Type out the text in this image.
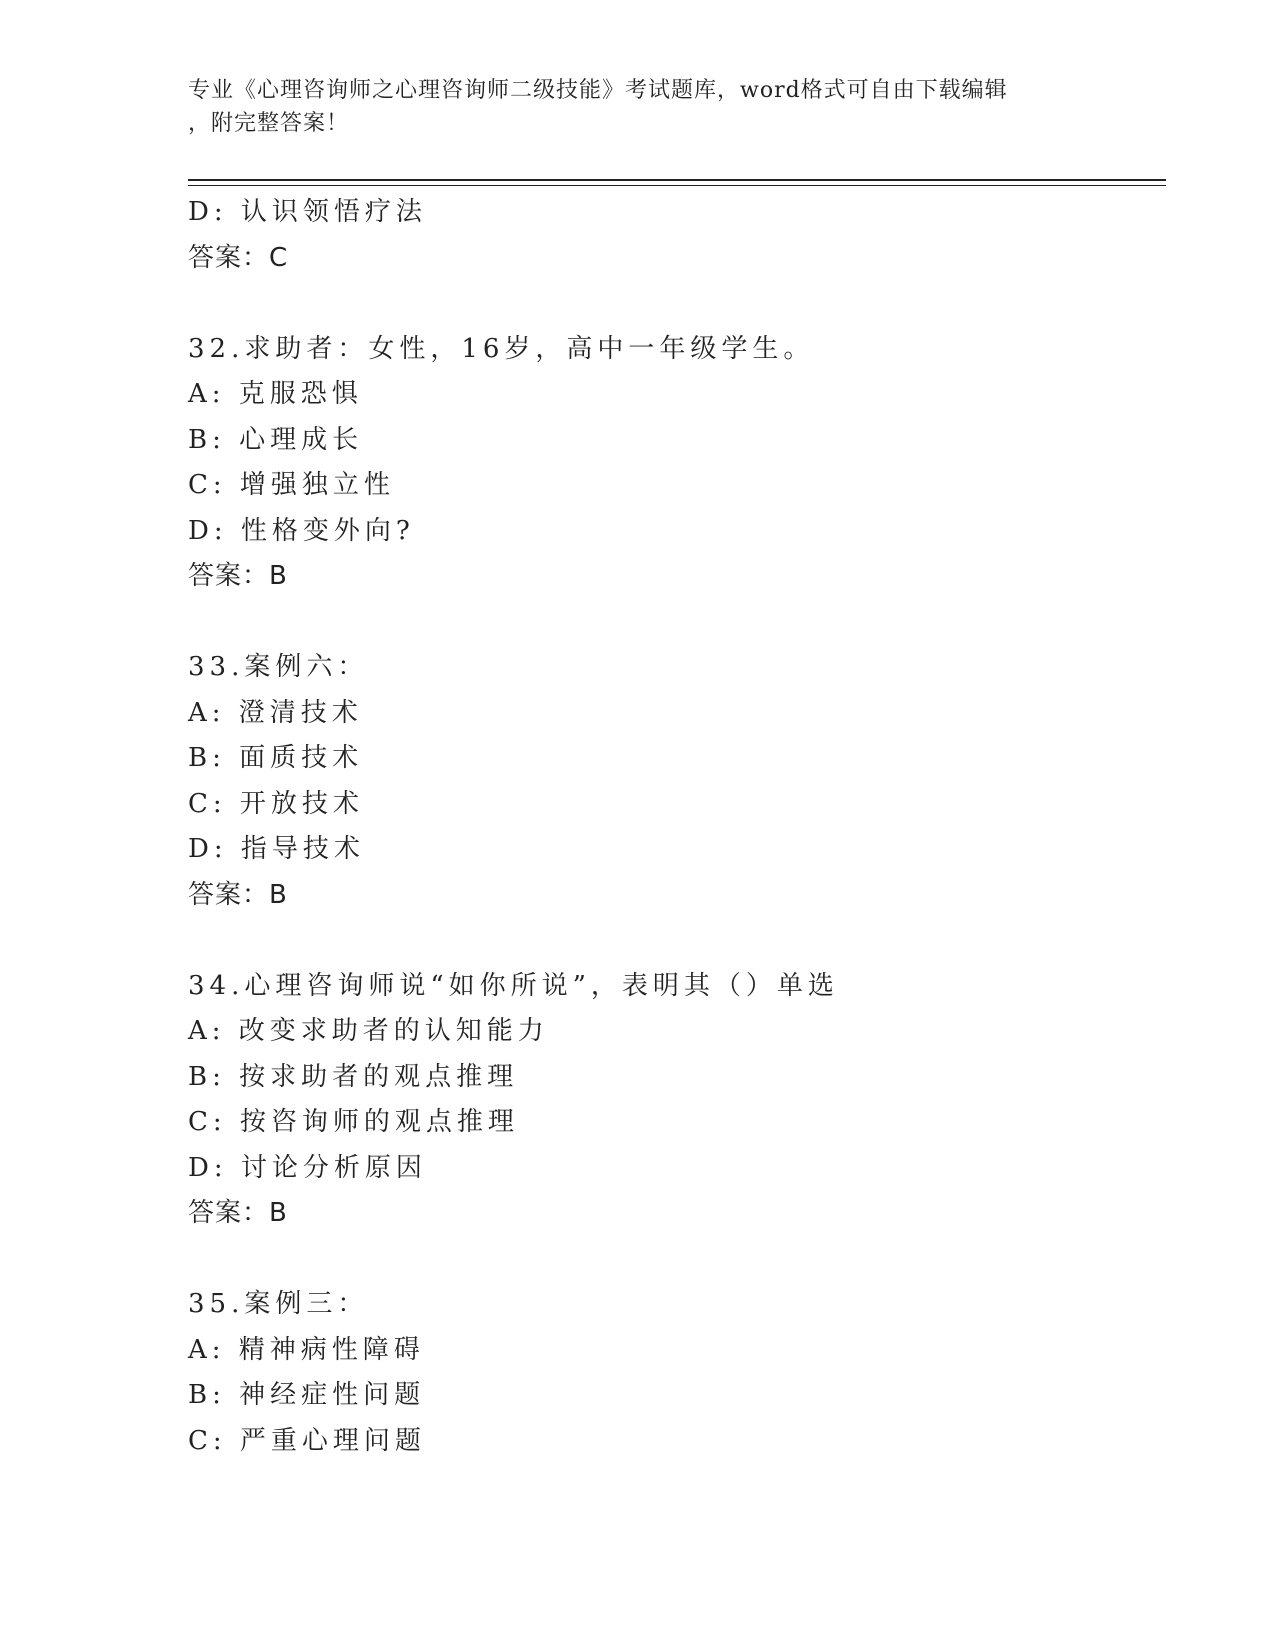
专业《心理咨询师之心理咨询师二级技能》考试题库，word格式可自由下载编辑
，附完整答案！
D: 认识领悟疗法
答案：C
32.求助者：女性，16岁，高中一年级学生。
A: 克服恐惧
B: 心理成长
C: 增强独立性
D: 性格变外向?
答案：B
33.案例六：
A: 澄清技术
B: 面质技术
C: 开放技术
D: 指导技术
答案：B
34.心理咨询师说“如你所说”，表明其（）单选
A: 改变求助者的认知能力
B: 按求助者的观点推理
C: 按咨询师的观点推理
D: 讨论分析原因
答案：B
35.案例三：
A: 精神病性障碍
B: 神经症性问题
C: 严重心理问题
